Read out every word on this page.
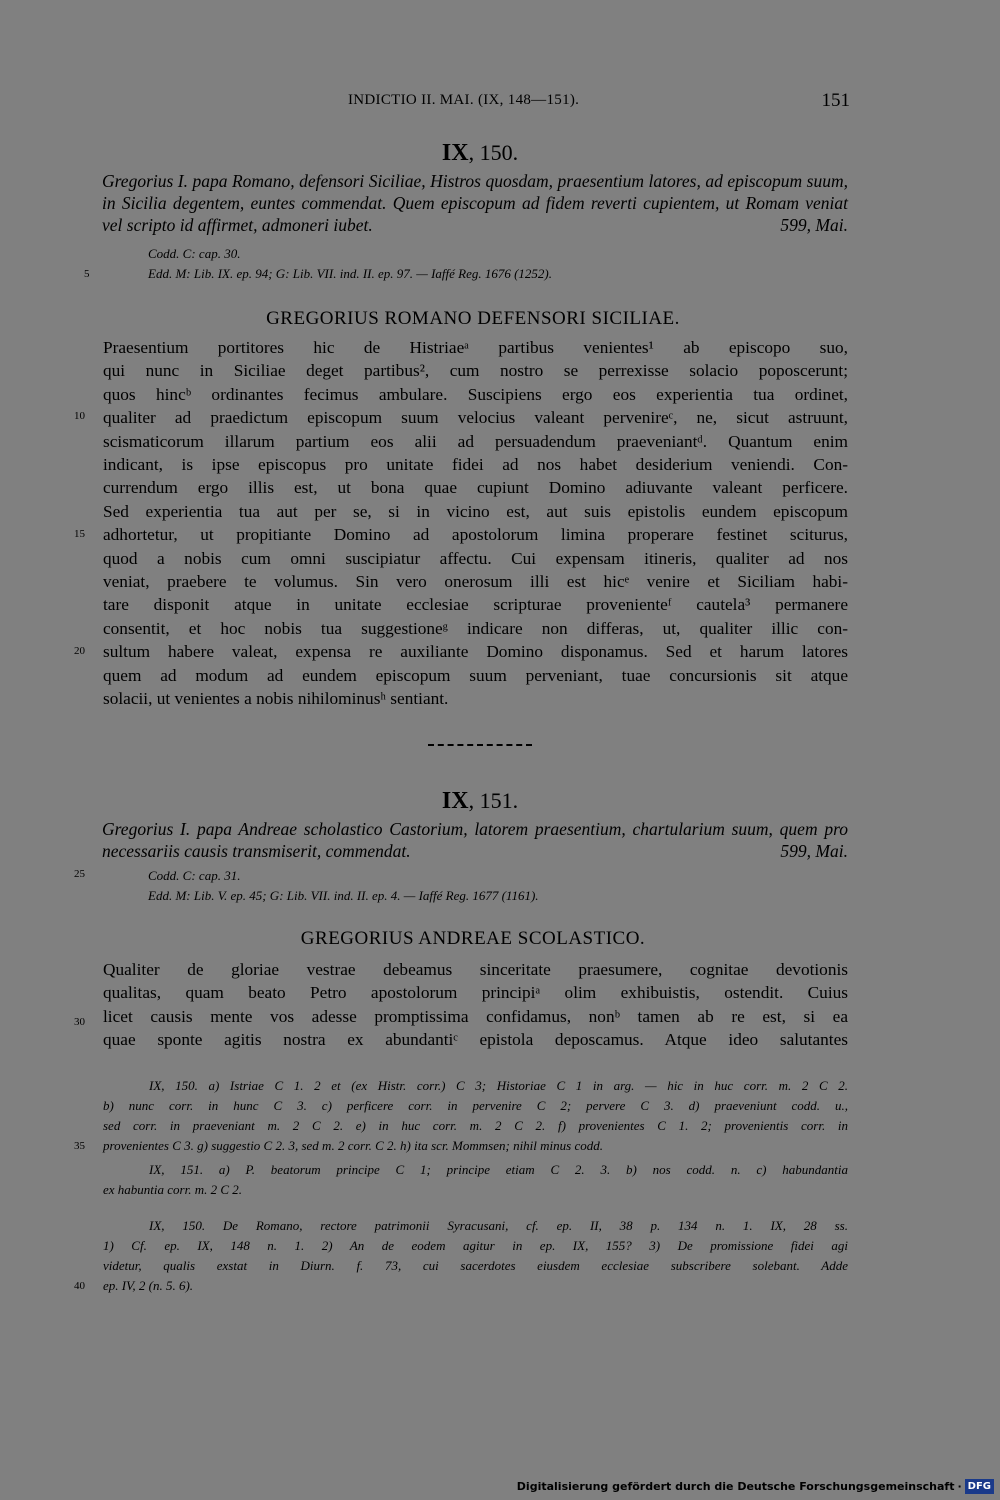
INDICTIO II. MAI. (IX, 148—151).	151
IX, 150.
Gregorius I. papa Romano, defensori Siciliae, Histros quosdam, praesentium latores, ad episcopum suum, in Sicilia degentem, euntes commendat. Quem episcopum ad fidem reverti cupientem, ut Romam veniat vel scripto id affirmet, admoneri iubet.	599, Mai.
Codd. C: cap. 30.
Edd. M: Lib. IX. ep. 94; G: Lib. VII. ind. II. ep. 97. — Iaffé Reg. 1676 (1252).
GREGORIUS ROMANO DEFENSORI SICILIAE.
Praesentium portitores hic de Histriaeᵃ partibus venientes¹ ab episcopo suo,
qui nunc in Siciliae deget partibus², cum nostro se perrexisse solacio poposcerunt;
quos hincᵇ ordinantes fecimus ambulare. Suscipiens ergo eos experientia tua ordinet,
qualiter ad praedictum episcopum suum velocius valeant pervenireᶜ, ne, sicut astruunt,
scismaticorum illarum partium eos alii ad persuadendum praeveniantᵈ. Quantum enim
indicant, is ipse episcopus pro unitate fidei ad nos habet desiderium veniendi. Con-
currendum ergo illis est, ut bona quae cupiunt Domino adiuvante valeant perficere.
Sed experientia tua aut per se, si in vicino est, aut suis epistolis eundem episcopum
adhortetur, ut propitiante Domino ad apostolorum limina properare festinet sciturus,
quod a nobis cum omni suscipiatur affectu. Cui expensam itineris, qualiter ad nos
veniat, praebere te volumus. Sin vero onerosum illi est hicᵉ venire et Siciliam habi-
tare disponit atque in unitate ecclesiae scripturae provenienteᶠ cautela³ permanere
consentit, et hoc nobis tua suggestioneᵍ indicare non differas, ut, qualiter illic con-
sultum habere valeat, expensa re auxiliante Domino disponamus. Sed et harum latores
quem ad modum ad eundem episcopum suum perveniant, tuae concursionis sit atque
solacii, ut venientes a nobis nihilominusʰ sentiant.
IX, 151.
Gregorius I. papa Andreae scholastico Castorium, latorem praesentium, chartularium suum, quem pro necessariis causis transmiserit, commendat.	599, Mai.
Codd. C: cap. 31.
Edd. M: Lib. V. ep. 45; G: Lib. VII. ind. II. ep. 4. — Iaffé Reg. 1677 (1161).
GREGORIUS ANDREAE SCOLASTICO.
Qualiter de gloriae vestrae debeamus sinceritate praesumere, cognitae devotionis
qualitas, quam beato Petro apostolorum principiᵃ olim exhibuistis, ostendit. Cuius
licet causis mente vos adesse promptissima confidamus, nonᵇ tamen ab re est, si ea
quae sponte agitis nostra ex abundantiᶜ epistola deposcamus. Atque ideo salutantes
IX, 150. a) Istriae C 1. 2 et (ex Histr. corr.) C 3; Historiae C 1 in arg. — hic in huc corr. m. 2 C 2.
b) nunc corr. in hunc C 3. c) perficere corr. in pervenire C 2; pervere C 3. d) praeveniunt codd. u.,
sed corr. in praeveniant m. 2 C 2. e) in huc corr. m. 2 C 2. f) provenientes C 1. 2; provenientis corr. in
provenientes C 3. g) suggestio C 2. 3, sed m. 2 corr. C 2. h) ita scr. Mommsen; nihil minus codd.
IX, 151. a) P. beatorum principe C 1; principe etiam C 2. 3. b) nos codd. n. c) habundantia
ex habuntia corr. m. 2 C 2.
IX, 150. De Romano, rectore patrimonii Syracusani, cf. ep. II, 38 p. 134 n. 1. IX, 28 ss.
1) Cf. ep. IX, 148 n. 1. 2) An de eodem agitur in ep. IX, 155? 3) De promissione fidei agi
videtur, qualis exstat in Diurn. f. 73, cui sacerdotes eiusdem ecclesiae subscribere solebant. Adde
ep. IV, 2 (n. 5. 6).
5
10
15
20
25
30
35
40
Digitalisierung gefördert durch die Deutsche Forschungsgemeinschaft · DFG
